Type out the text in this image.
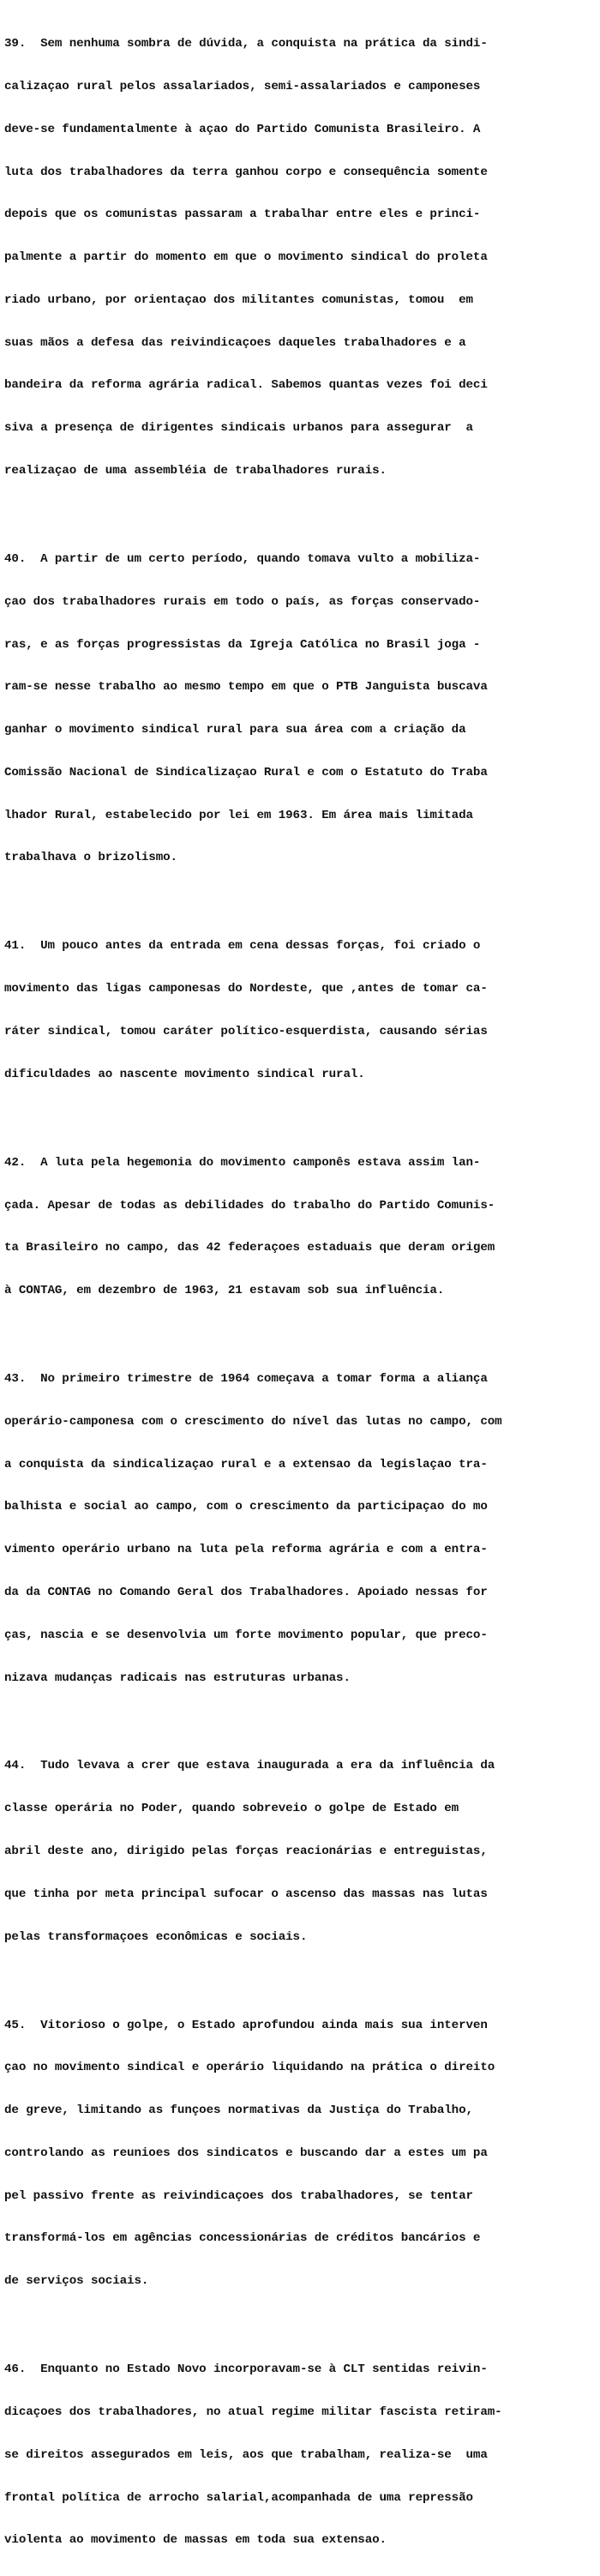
39.  Sem nenhuma sombra de dúvida, a conquista na prática da sindi-

calizaçao rural pelos assalariados, semi-assalariados e camponeses

deve-se fundamentalmente à açao do Partido Comunista Brasileiro. A

luta dos trabalhadores da terra ganhou corpo e consequência somente

depois que os comunistas passaram a trabalhar entre eles e princi-

palmente a partir do momento em que o movimento sindical do proleta

riado urbano, por orientaçao dos militantes comunistas, tomou  em

suas mãos a defesa das reivindicaçoes daqueles trabalhadores e a

bandeira da reforma agrária radical. Sabemos quantas vezes foi deci

siva a presença de dirigentes sindicais urbanos para assegurar  a

realizaçao de uma assembléia de trabalhadores rurais.

40.  A partir de um certo período, quando tomava vulto a mobiliza-

çao dos trabalhadores rurais em todo o país, as forças conservado-

ras, e as forças progressistas da Igreja Católica no Brasil joga -

ram-se nesse trabalho ao mesmo tempo em que o PTB Janguista buscava

ganhar o movimento sindical rural para sua área com a criação da

Comissão Nacional de Sindicalizaçao Rural e com o Estatuto do Traba

lhador Rural, estabelecido por lei em 1963. Em área mais limitada

trabalhava o brizolismo.

41.  Um pouco antes da entrada em cena dessas forças, foi criado o

movimento das ligas camponesas do Nordeste, que ,antes de tomar ca-

ráter sindical, tomou caráter político-esquerdista, causando sérias

dificuldades ao nascente movimento sindical rural.

42.  A luta pela hegemonia do movimento camponês estava assim lan-

çada. Apesar de todas as debilidades do trabalho do Partido Comunis-

ta Brasileiro no campo, das 42 federaçoes estaduais que deram origem

à CONTAG, em dezembro de 1963, 21 estavam sob sua influência.

43.  No primeiro trimestre de 1964 começava a tomar forma a aliança

operário-camponesa com o crescimento do nível das lutas no campo, com

a conquista da sindicalizaçao rural e a extensao da legislaçao tra-

balhista e social ao campo, com o crescimento da participaçao do mo

vimento operário urbano na luta pela reforma agrária e com a entra-

da da CONTAG no Comando Geral dos Trabalhadores. Apoiado nessas for

ças, nascia e se desenvolvia um forte movimento popular, que preco-

nizava mudanças radicais nas estruturas urbanas.

44.  Tudo levava a crer que estava inaugurada a era da influência da

classe operária no Poder, quando sobreveio o golpe de Estado em

abril deste ano, dirigido pelas forças reacionárias e entreguistas,

que tinha por meta principal sufocar o ascenso das massas nas lutas

pelas transformaçoes econômicas e sociais.

45.  Vitorioso o golpe, o Estado aprofundou ainda mais sua interven

çao no movimento sindical e operário liquidando na prática o direito

de greve, limitando as funçoes normativas da Justiça do Trabalho,

controlando as reunioes dos sindicatos e buscando dar a estes um pa

pel passivo frente as reivindicaçoes dos trabalhadores, se tentar

transformá-los em agências concessionárias de créditos bancários e

de serviços sociais.

46.  Enquanto no Estado Novo incorporavam-se à CLT sentidas reivin-

dicaçoes dos trabalhadores, no atual regime militar fascista retiram-

se direitos assegurados em leis, aos que trabalham, realiza-se  uma

frontal política de arrocho salarial,acompanhada de uma repressão

violenta ao movimento de massas em toda sua extensao.
